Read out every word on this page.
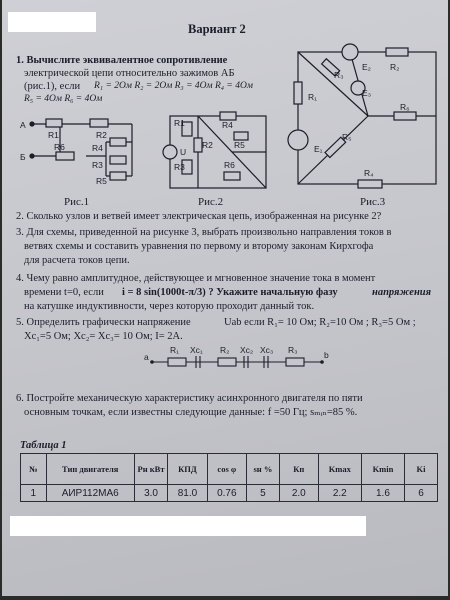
Вариант 2
1. Вычислите эквивалентное сопротивление
электрической цепи относительно зажимов АБ
(рис.1), если R₁ = 2Ом R₂ = 2Ом R₃ = 4Ом R₄ = 4Ом
R₅ = 4Ом R₆ = 4Ом
А
Б
R1	R2
R4
R3
R6
R5
R1	R4
R5
R2
R3	R6
U
E₂ R₂
R₃
E₃
R₁
R₆
E₁
R₅
R₄
Рис.1	Рис.2	Рис.3
2. Сколько узлов и ветвей имеет электрическая цепь, изображенная на рисунке 2?
3. Для схемы, приведенной на рисунке 3, выбрать произвольно направления токов в
ветвях схемы и составить уравнения по первому и второму законам Кирхгофа
для расчета токов цепи.
4. Чему равно амплитудное, действующее и мгновенное значение тока в момент
времени t=0, если i = 8 sin(1000t-π/3) ? Укажите начальную фазу	напряжения
на катушке индуктивности, через которую проходит данный ток.
5. Определить графически напряжение	Uab если R₁= 10 Ом; R₂=10 Ом ; R₃=5 Ом ;
Xc₁=5 Ом; Xc₂= Xc₃= 10 Ом; I= 2A.
a
R₁ Xc₁ R₂ Xc₂ Xc₃ R₃	b
6. Постройте механическую характеристику асинхронного двигателя по пяти
основным точкам, если известны следующие данные: f =50 Гц; sₘᵢₙ=85 %.
Таблица 1
№	Тип двигателя	Pн кВт	КПД	cos φ	sн %	Кп	Kmax	Kmin	Ki
1	АИР112МА6	3.0	81.0	0.76	5	2.0	2.2	1.6	6
